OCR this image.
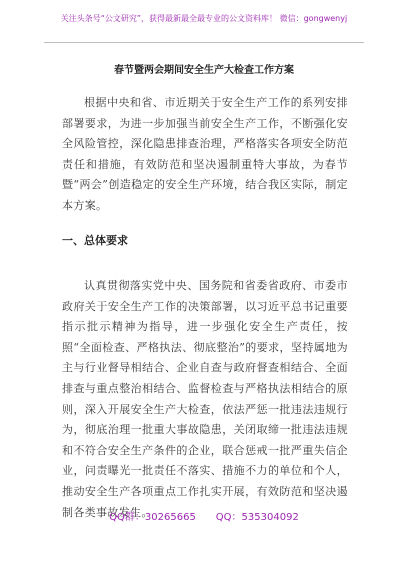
关注头条号“公文研究”，获得最新最全最专业的公文资料库！ 微信：gongwenyj
春节暨两会期间安全生产大检查工作方案

根据中央和省、市近期关于安全生产工作的系列安排部署要求，为进一步加强当前安全生产工作，不断强化安全风险管控，深化隐患排查治理，严格落实各项安全防范责任和措施，有效防范和坚决遏制重特大事故，为春节暨“两会”创造稳定的安全生产环境，结合我区实际，制定本方案。

一、总体要求

认真贯彻落实党中央、国务院和省委省政府、市委市政府关于安全生产工作的决策部署，以习近平总书记重要指示批示精神为指导，进一步强化安全生产责任，按照“全面检查、严格执法、彻底整治”的要求，坚持属地为主与行业督导相结合、企业自查与政府督查相结合、全面排查与重点整治相结合、监督检查与严格执法相结合的原则，深入开展安全生产大检查，依法严惩一批违法违规行为，彻底治理一批重大事故隐患，关闭取缔一批违法违规和不符合安全生产条件的企业，联合惩戒一批严重失信企业，问责曝光一批责任不落实、措施不力的单位和个人，推动安全生产各项重点工作扎实开展，有效防范和坚决遏制各类事故发生。

QQ群：30265665　　QQ：535304092
